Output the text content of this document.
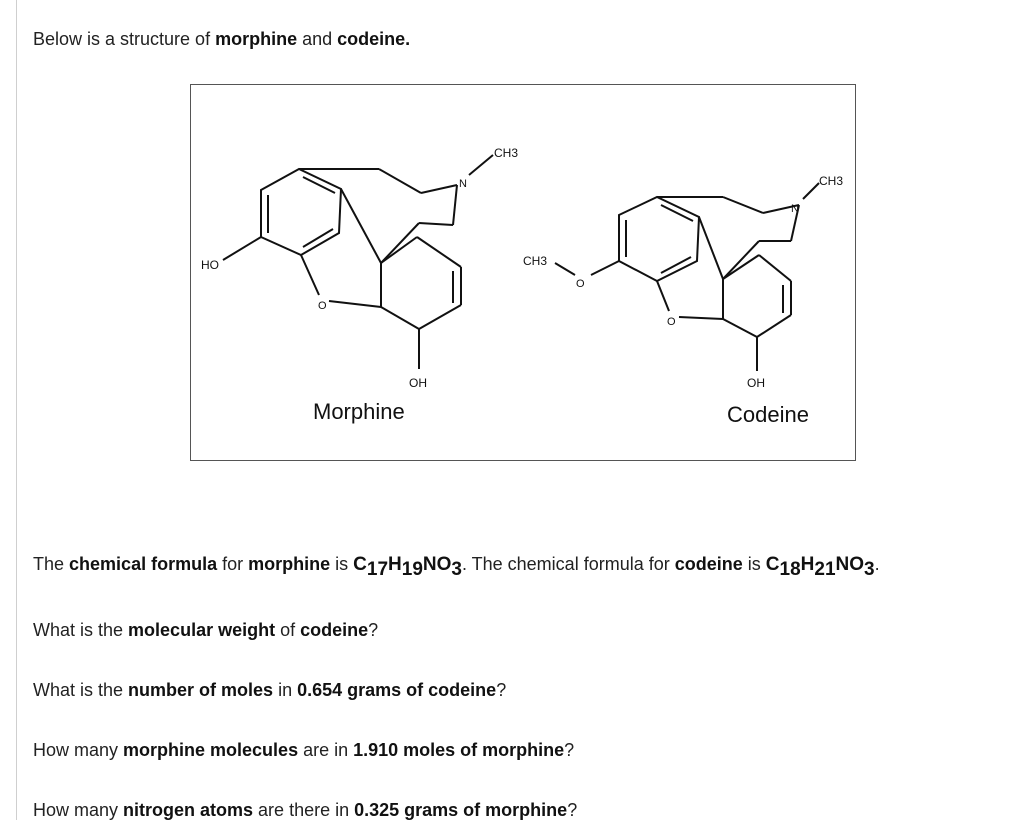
Below is a structure of morphine and codeine.

HO
O
OH
N
CH3
Morphine
CH3
O
O
OH
N
CH3
Codeine

The chemical formula for morphine is $C_{17}H_{19}NO_3$. The chemical formula for codeine is $C_{18}H_{21}NO_3$.

What is the molecular weight of codeine?

What is the number of moles in 0.654 grams of codeine?

How many morphine molecules are in 1.910 moles of morphine?

How many nitrogen atoms are there in 0.325 grams of morphine?
